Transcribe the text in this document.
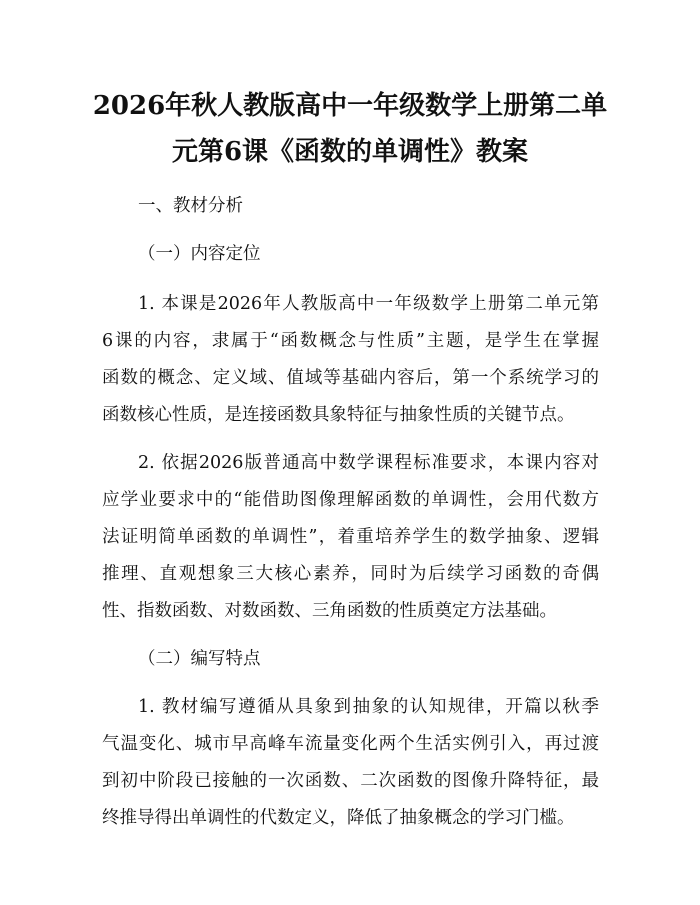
2026年秋人教版高中一年级数学上册第二单
元第6课《函数的单调性》教案

一、教材分析

（一）内容定位

1. 本课是2026年人教版高中一年级数学上册第二单元第

6课的内容，隶属于“函数概念与性质”主题，是学生在掌握

函数的概念、定义域、值域等基础内容后，第一个系统学习的

函数核心性质，是连接函数具象特征与抽象性质的关键节点。

2. 依据2026版普通高中数学课程标准要求，本课内容对

应学业要求中的“能借助图像理解函数的单调性，会用代数方

法证明简单函数的单调性”，着重培养学生的数学抽象、逻辑

推理、直观想象三大核心素养，同时为后续学习函数的奇偶

性、指数函数、对数函数、三角函数的性质奠定方法基础。

（二）编写特点

1. 教材编写遵循从具象到抽象的认知规律，开篇以秋季

气温变化、城市早高峰车流量变化两个生活实例引入，再过渡

到初中阶段已接触的一次函数、二次函数的图像升降特征，最

终推导得出单调性的代数定义，降低了抽象概念的学习门槛。
